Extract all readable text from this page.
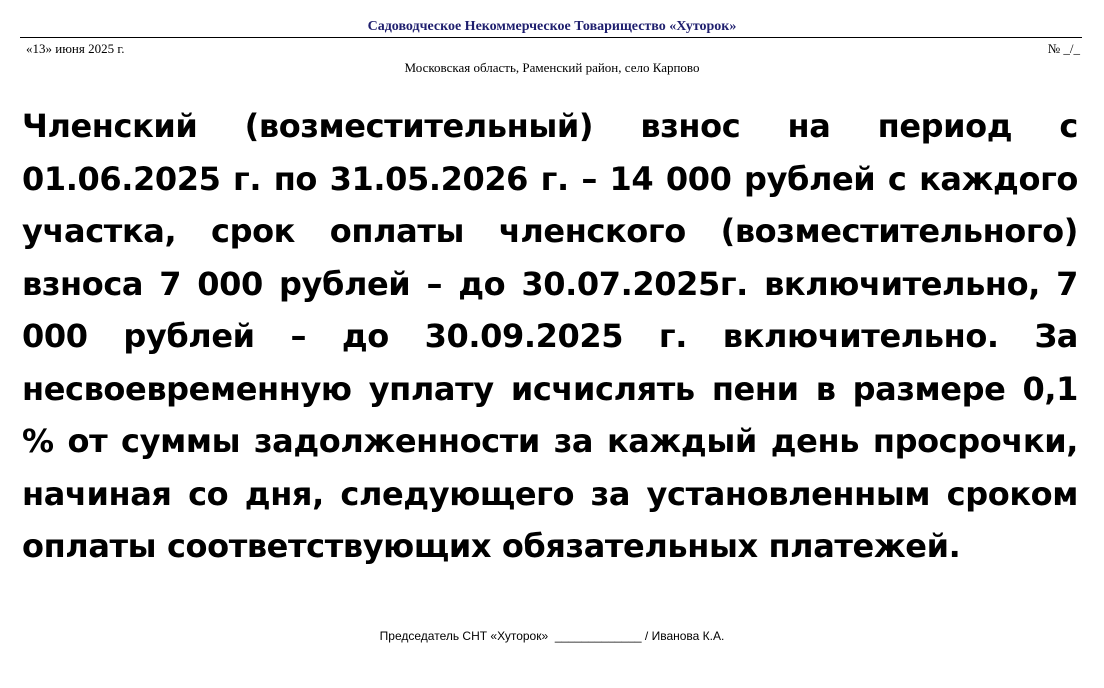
Садоводческое Некоммерческое Товарищество «Хуторок»
«13» июня 2025 г.	№ _/_
Московская область, Раменский район, село Карпово

Членский (возместительный) взнос на период с 01.06.2025 г. по 31.05.2026 г. – 14 000 рублей с каждого участка, срок оплаты членского (возместительного) взноса 7 000 рублей – до 30.07.2025г. включительно, 7 000 рублей – до 30.09.2025 г. включительно. За несвоевременную уплату исчислять пени в размере 0,1 % от суммы задолженности за каждый день просрочки, начиная со дня, следующего за установленным сроком оплаты соответствующих обязательных платежей.

Председатель СНТ «Хуторок»  _____________ / Иванова К.А.
